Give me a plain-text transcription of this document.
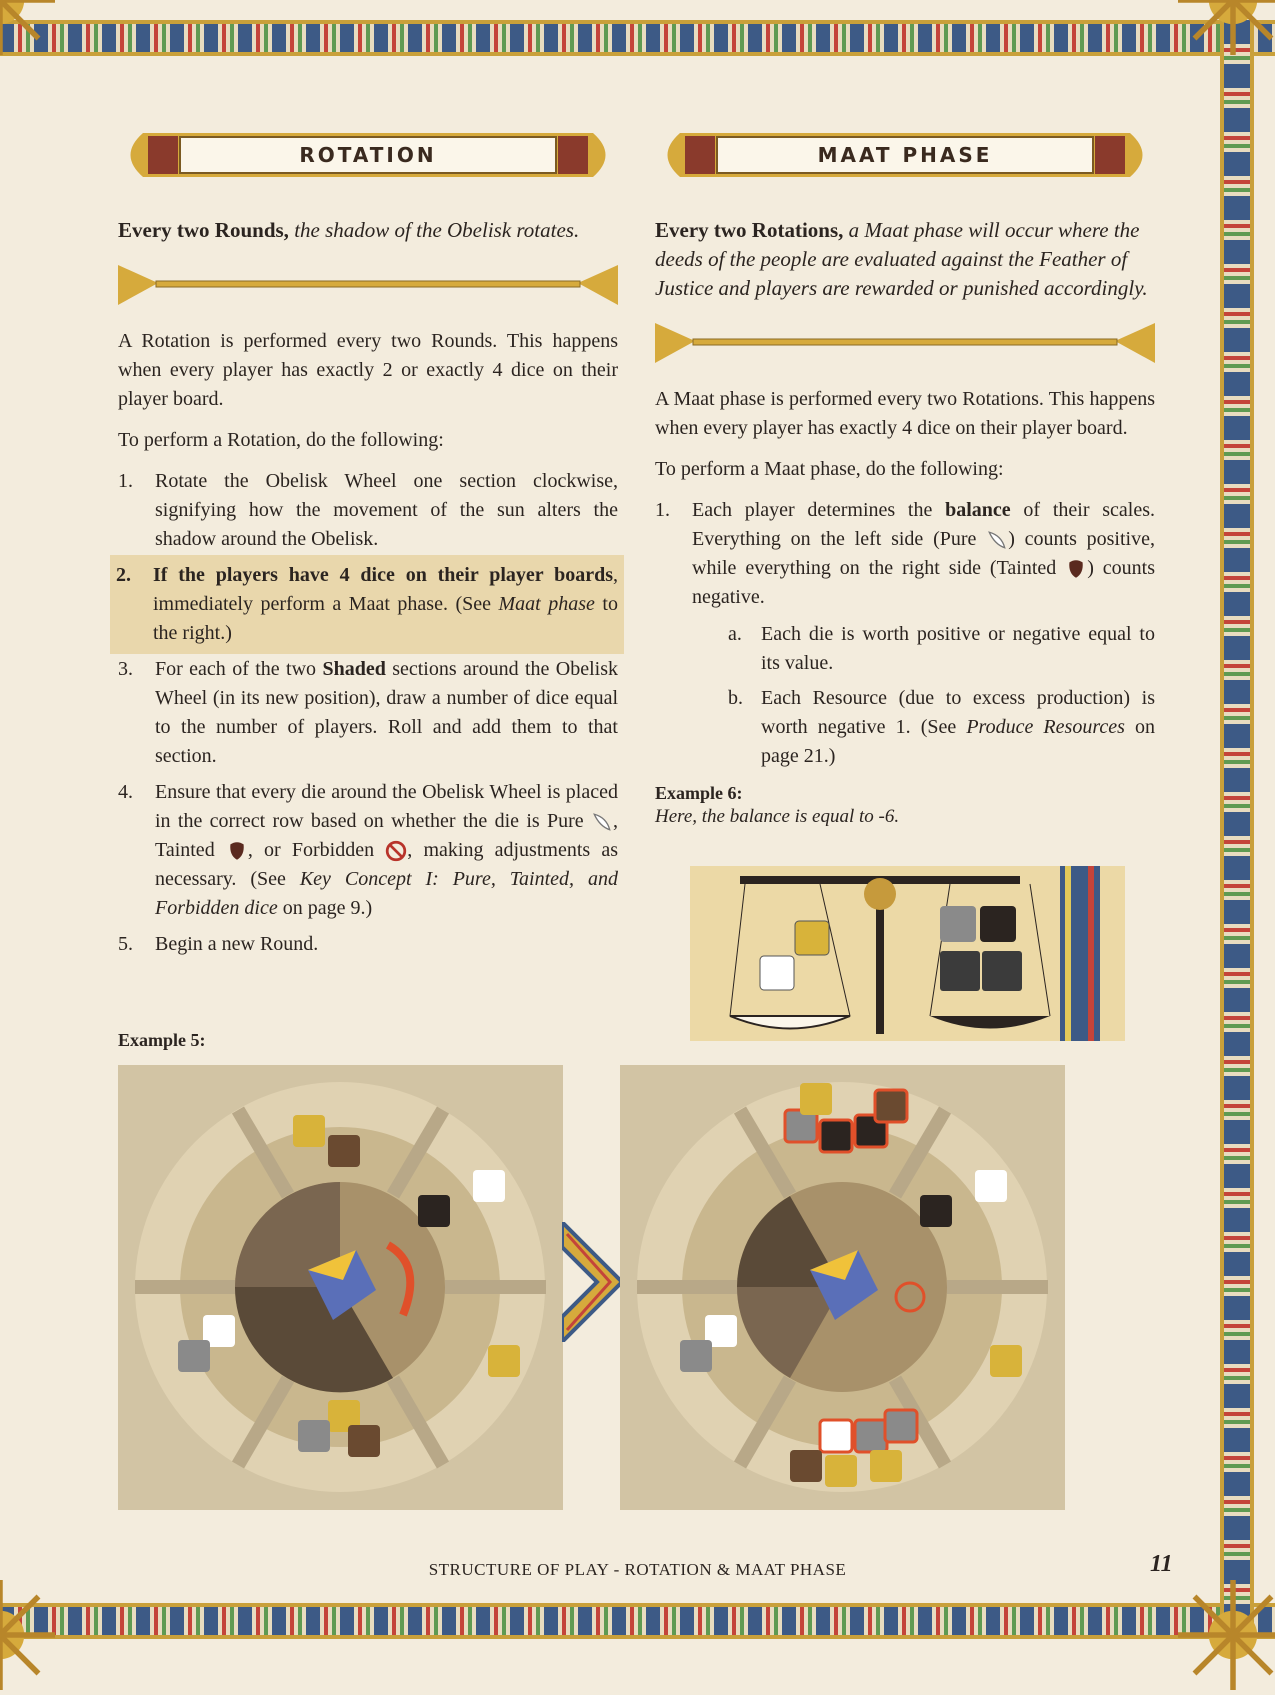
ROTATION

Every two Rounds, the shadow of the Obelisk rotates.

A Rotation is performed every two Rounds. This happens when every player has exactly 2 or exactly 4 dice on their player board.

To perform a Rotation, do the following:

1. Rotate the Obelisk Wheel one section clockwise, signifying how the movement of the sun alters the shadow around the Obelisk.
2. If the players have 4 dice on their player boards, immediately perform a Maat phase. (See Maat phase to the right.)
3. For each of the two Shaded sections around the Obelisk Wheel (in its new position), draw a number of dice equal to the number of players. Roll and add them to that section.
4. Ensure that every die around the Obelisk Wheel is placed in the correct row based on whether the die is Pure , Tainted , or Forbidden , making adjustments as necessary. (See Key Concept I: Pure, Tainted, and Forbidden dice on page 9.)
5. Begin a new Round.
MAAT PHASE

Every two Rotations, a Maat phase will occur where the deeds of the people are evaluated against the Feather of Justice and players are rewarded or punished accordingly.

A Maat phase is performed every two Rotations. This happens when every player has exactly 4 dice on their player board.

To perform a Maat phase, do the following:

1. Each player determines the balance of their scales. Everything on the left side (Pure ) counts positive, while everything on the right side (Tainted ) counts negative.
a. Each die is worth positive or negative equal to its value.
b. Each Resource (due to excess production) is worth negative 1. (See Produce Resources on page 21.)
Example 6:

Here, the balance is equal to -6.

Example 5:
STRUCTURE OF PLAY - ROTATION & MAAT PHASE	11
